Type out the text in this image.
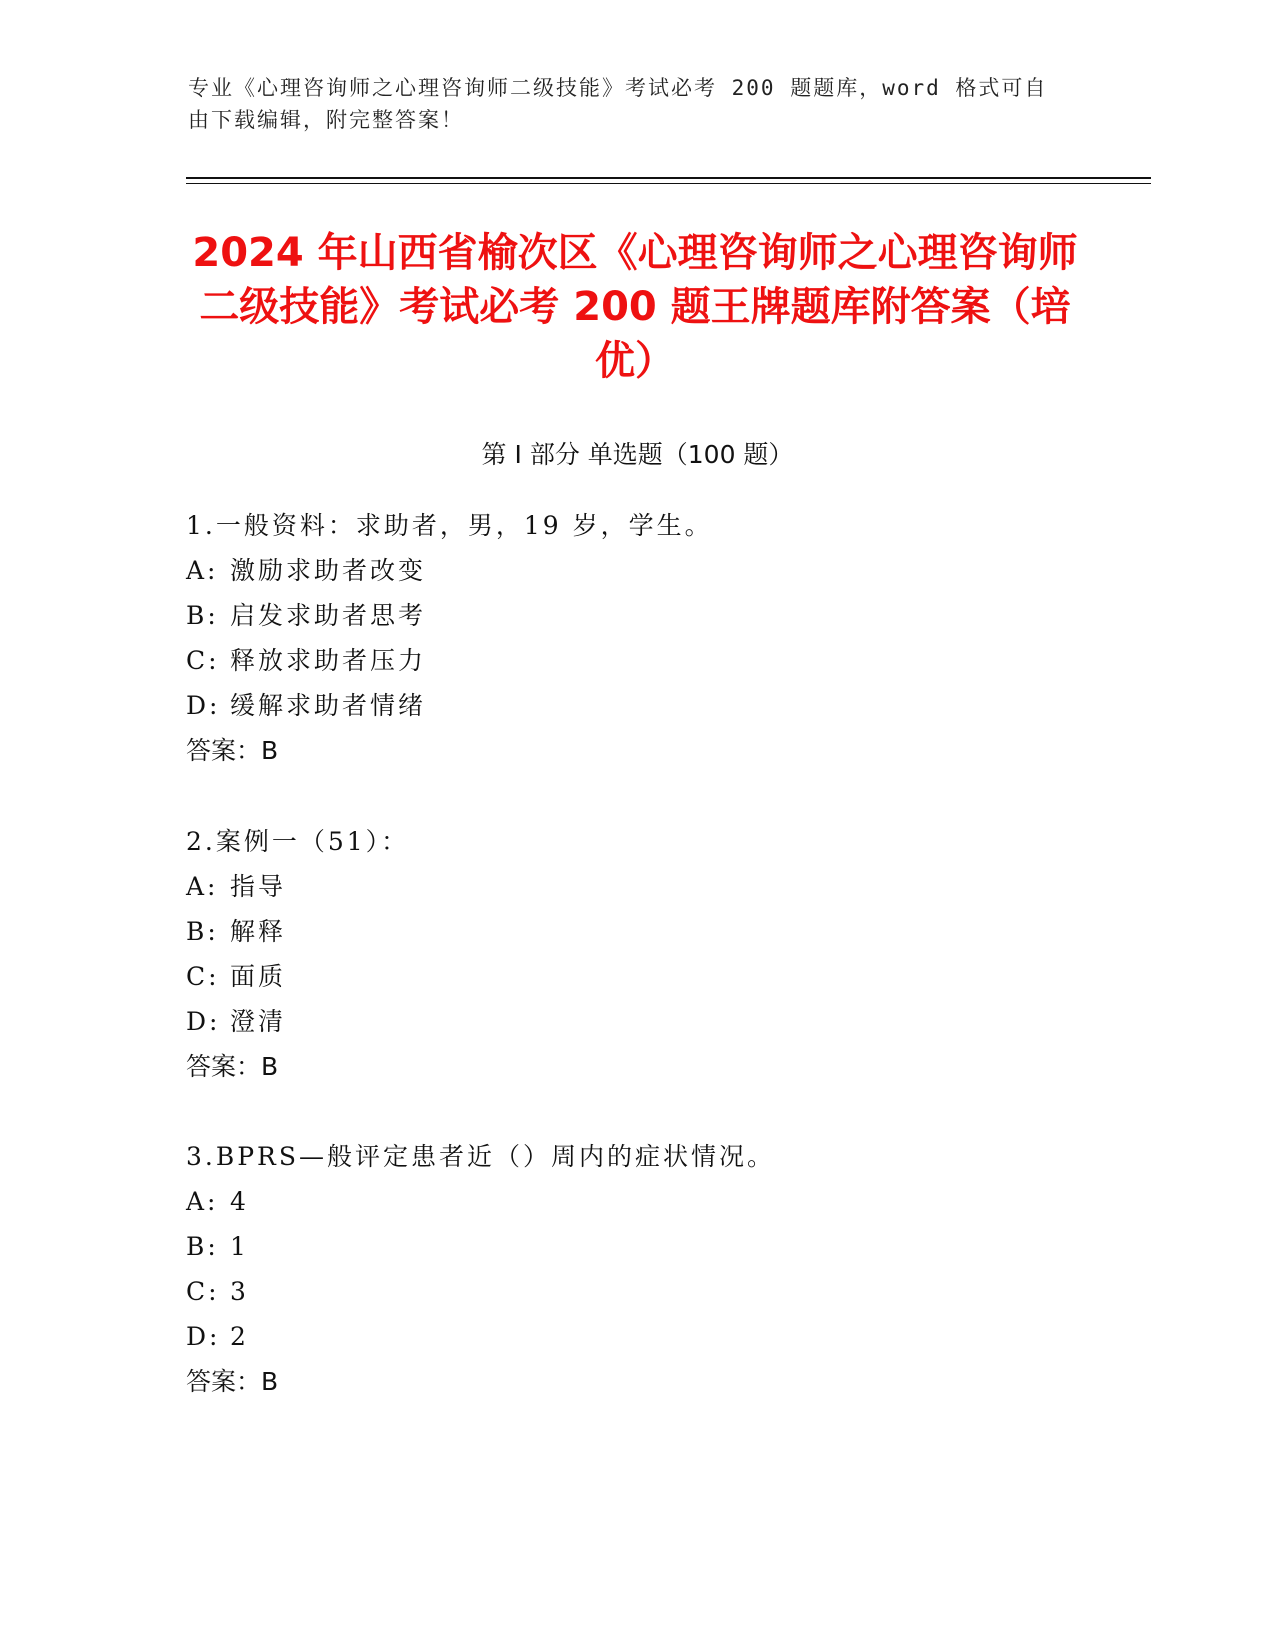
专业《心理咨询师之心理咨询师二级技能》考试必考 200 题题库，word 格式可自由下载编辑，附完整答案！
2024 年山西省榆次区《心理咨询师之心理咨询师二级技能》考试必考 200 题王牌题库附答案（培优）
第 I 部分 单选题（100 题）
1.一般资料：求助者，男，19 岁，学生。
A: 激励求助者改变
B: 启发求助者思考
C: 释放求助者压力
D: 缓解求助者情绪
答案：B
2.案例一（51）：
A: 指导
B: 解释
C: 面质
D: 澄清
答案：B
3.BPRS—般评定患者近（）周内的症状情况。
A: 4
B: 1
C: 3
D: 2
答案：B
